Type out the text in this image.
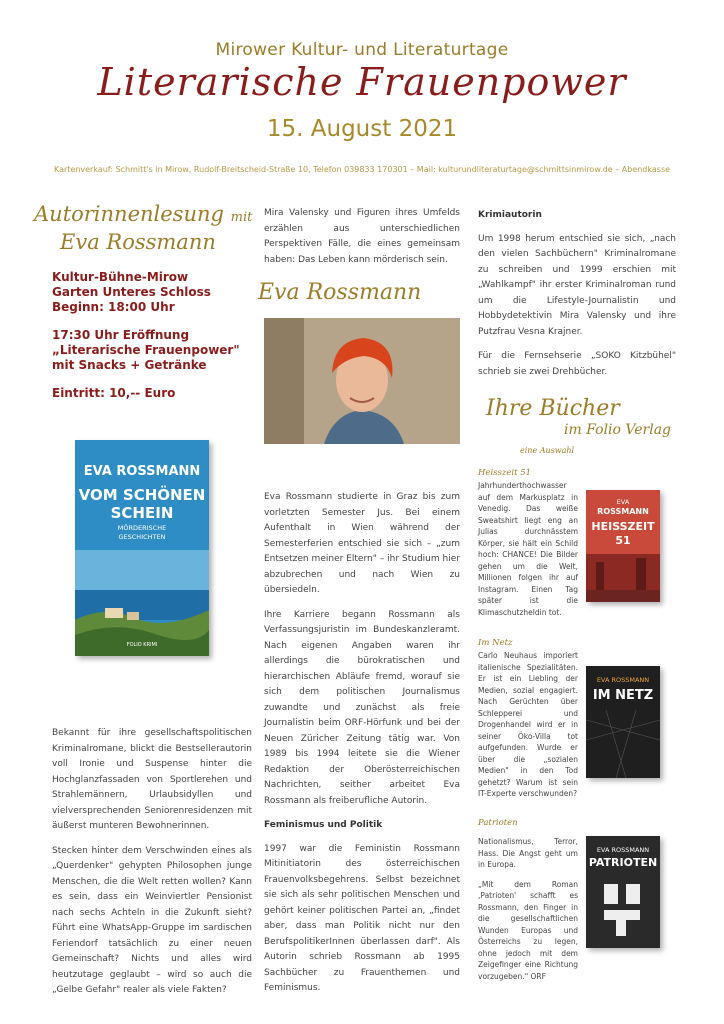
Mirower Kultur- und Literaturtage
Literarische Frauenpower
15. August 2021
Kartenverkauf: Schmitt's in Mirow, Rudolf-Breitscheid-Straße 10, Telefon 039833 170301 – Mail: kulturundliteraturtage@schmittsinmirow.de – Abendkasse
Autorinnenlesung mit
Eva Rossmann

Kultur-Bühne-Mirow
Garten Unteres Schloss
Beginn: 18:00 Uhr

17:30 Uhr Eröffnung
„Literarische Frauenpower"
mit Snacks + Getränke

Eintritt: 10,-- Euro

EVA ROSSMANN
VOM SCHÖNEN
SCHEIN
MÖRDERISCHE
GESCHICHTEN
FOLIO KRIMI

Bekannt für ihre gesellschaftspolitischen Kriminalromane, blickt die Bestsellerautorin voll Ironie und Suspense hinter die Hochglanzfassaden von Sportlerehen und Strahlemännern, Urlaubsidyllen und vielversprechenden Seniorenresidenzen mit äußerst munteren Bewohnerinnen.

Stecken hinter dem Verschwinden eines als „Querdenker" gehypten Philosophen junge Menschen, die die Welt retten wollen? Kann es sein, dass ein Weinviertler Pensionist nach sechs Achteln in die Zukunft sieht? Führt eine WhatsApp-Gruppe im sardischen Feriendorf tatsächlich zu einer neuen Gemeinschaft? Nichts und alles wird heutzutage geglaubt – wird so auch die „Gelbe Gefahr" realer als viele Fakten?

Mira Valensky und Figuren ihres Umfelds erzählen aus unterschiedlichen Perspektiven Fälle, die eines gemeinsam haben: Das Leben kann mörderisch sein.
Eva Rossmann

Eva Rossmann studierte in Graz bis zum vorletzten Semester Jus. Bei einem Aufenthalt in Wien während der Semesterferien entschied sie sich – „zum Entsetzen meiner Eltern" – ihr Studium hier abzubrechen und nach Wien zu übersiedeln.

Ihre Karriere begann Rossmann als Verfassungsjuristin im Bundeskanzleramt. Nach eigenen Angaben waren ihr allerdings die bürokratischen und hierarchischen Abläufe fremd, worauf sie sich dem politischen Journalismus zuwandte und zunächst als freie Journalistin beim ORF-Hörfunk und bei der Neuen Züricher Zeitung tätig war. Von 1989 bis 1994 leitete sie die Wiener Redaktion der Oberösterreichischen Nachrichten, seither arbeitet Eva Rossmann als freiberufliche Autorin.

Feminismus und Politik

1997 war die Feministin Rossmann Mitinitiatorin des österreichischen Frauenvolksbegehrens. Selbst bezeichnet sie sich als sehr politischen Menschen und gehört keiner politischen Partei an, „findet aber, dass man Politik nicht nur den BerufspolitikerInnen überlassen darf". Als Autorin schrieb Rossmann ab 1995 Sachbücher zu Frauenthemen und Feminismus.

Krimiautorin

Um 1998 herum entschied sie sich, „nach den vielen Sachbüchern" Kriminalromane zu schreiben und 1999 erschien mit „Wahlkampf" ihr erster Kriminalroman rund um die Lifestyle-Journalistin und Hobbydetektivin Mira Valensky und ihre Putzfrau Vesna Krajner.

Für die Fernsehserie „SOKO Kitzbühel" schrieb sie zwei Drehbücher.

Ihre Bücher
im Folio Verlag
eine Auswahl
Heisszeit 51
Jahrhunderthochwasser auf dem Markusplatz in Venedig. Das weiße Sweatshirt liegt eng an Julias durchnässtem Körper, sie hält ein Schild hoch: CHANCE! Die Bilder gehen um die Welt, Millionen folgen ihr auf Instagram. Einen Tag später ist die Klimaschutzheldin tot.
EVA
ROSSMANN
HEISSZEIT
51
Im Netz
Carlo Neuhaus imporiert italienische Spezialitäten. Er ist ein Liebling der Medien, sozial engagiert. Nach Gerüchten über Schlepperei und Drogenhandel wird er in seiner Öko-Villa tot aufgefunden. Wurde er über die „sozialen Medien" in den Tod gehetzt? Warum ist sein IT-Experte verschwunden?
EVA ROSSMANN
IM NETZ
Patrioten
Nationalismus, Terror, Hass. Die Angst geht um in Europa.
„Mit dem Roman ‚Patrioten' schafft es Rossmann, den Finger in die gesellschaftlichen Wunden Europas und Österreichs zu legen, ohne jedoch mit dem Zeigefinger eine Richtung vorzugeben." ORF
EVA ROSSMANN
PATRIOTEN
